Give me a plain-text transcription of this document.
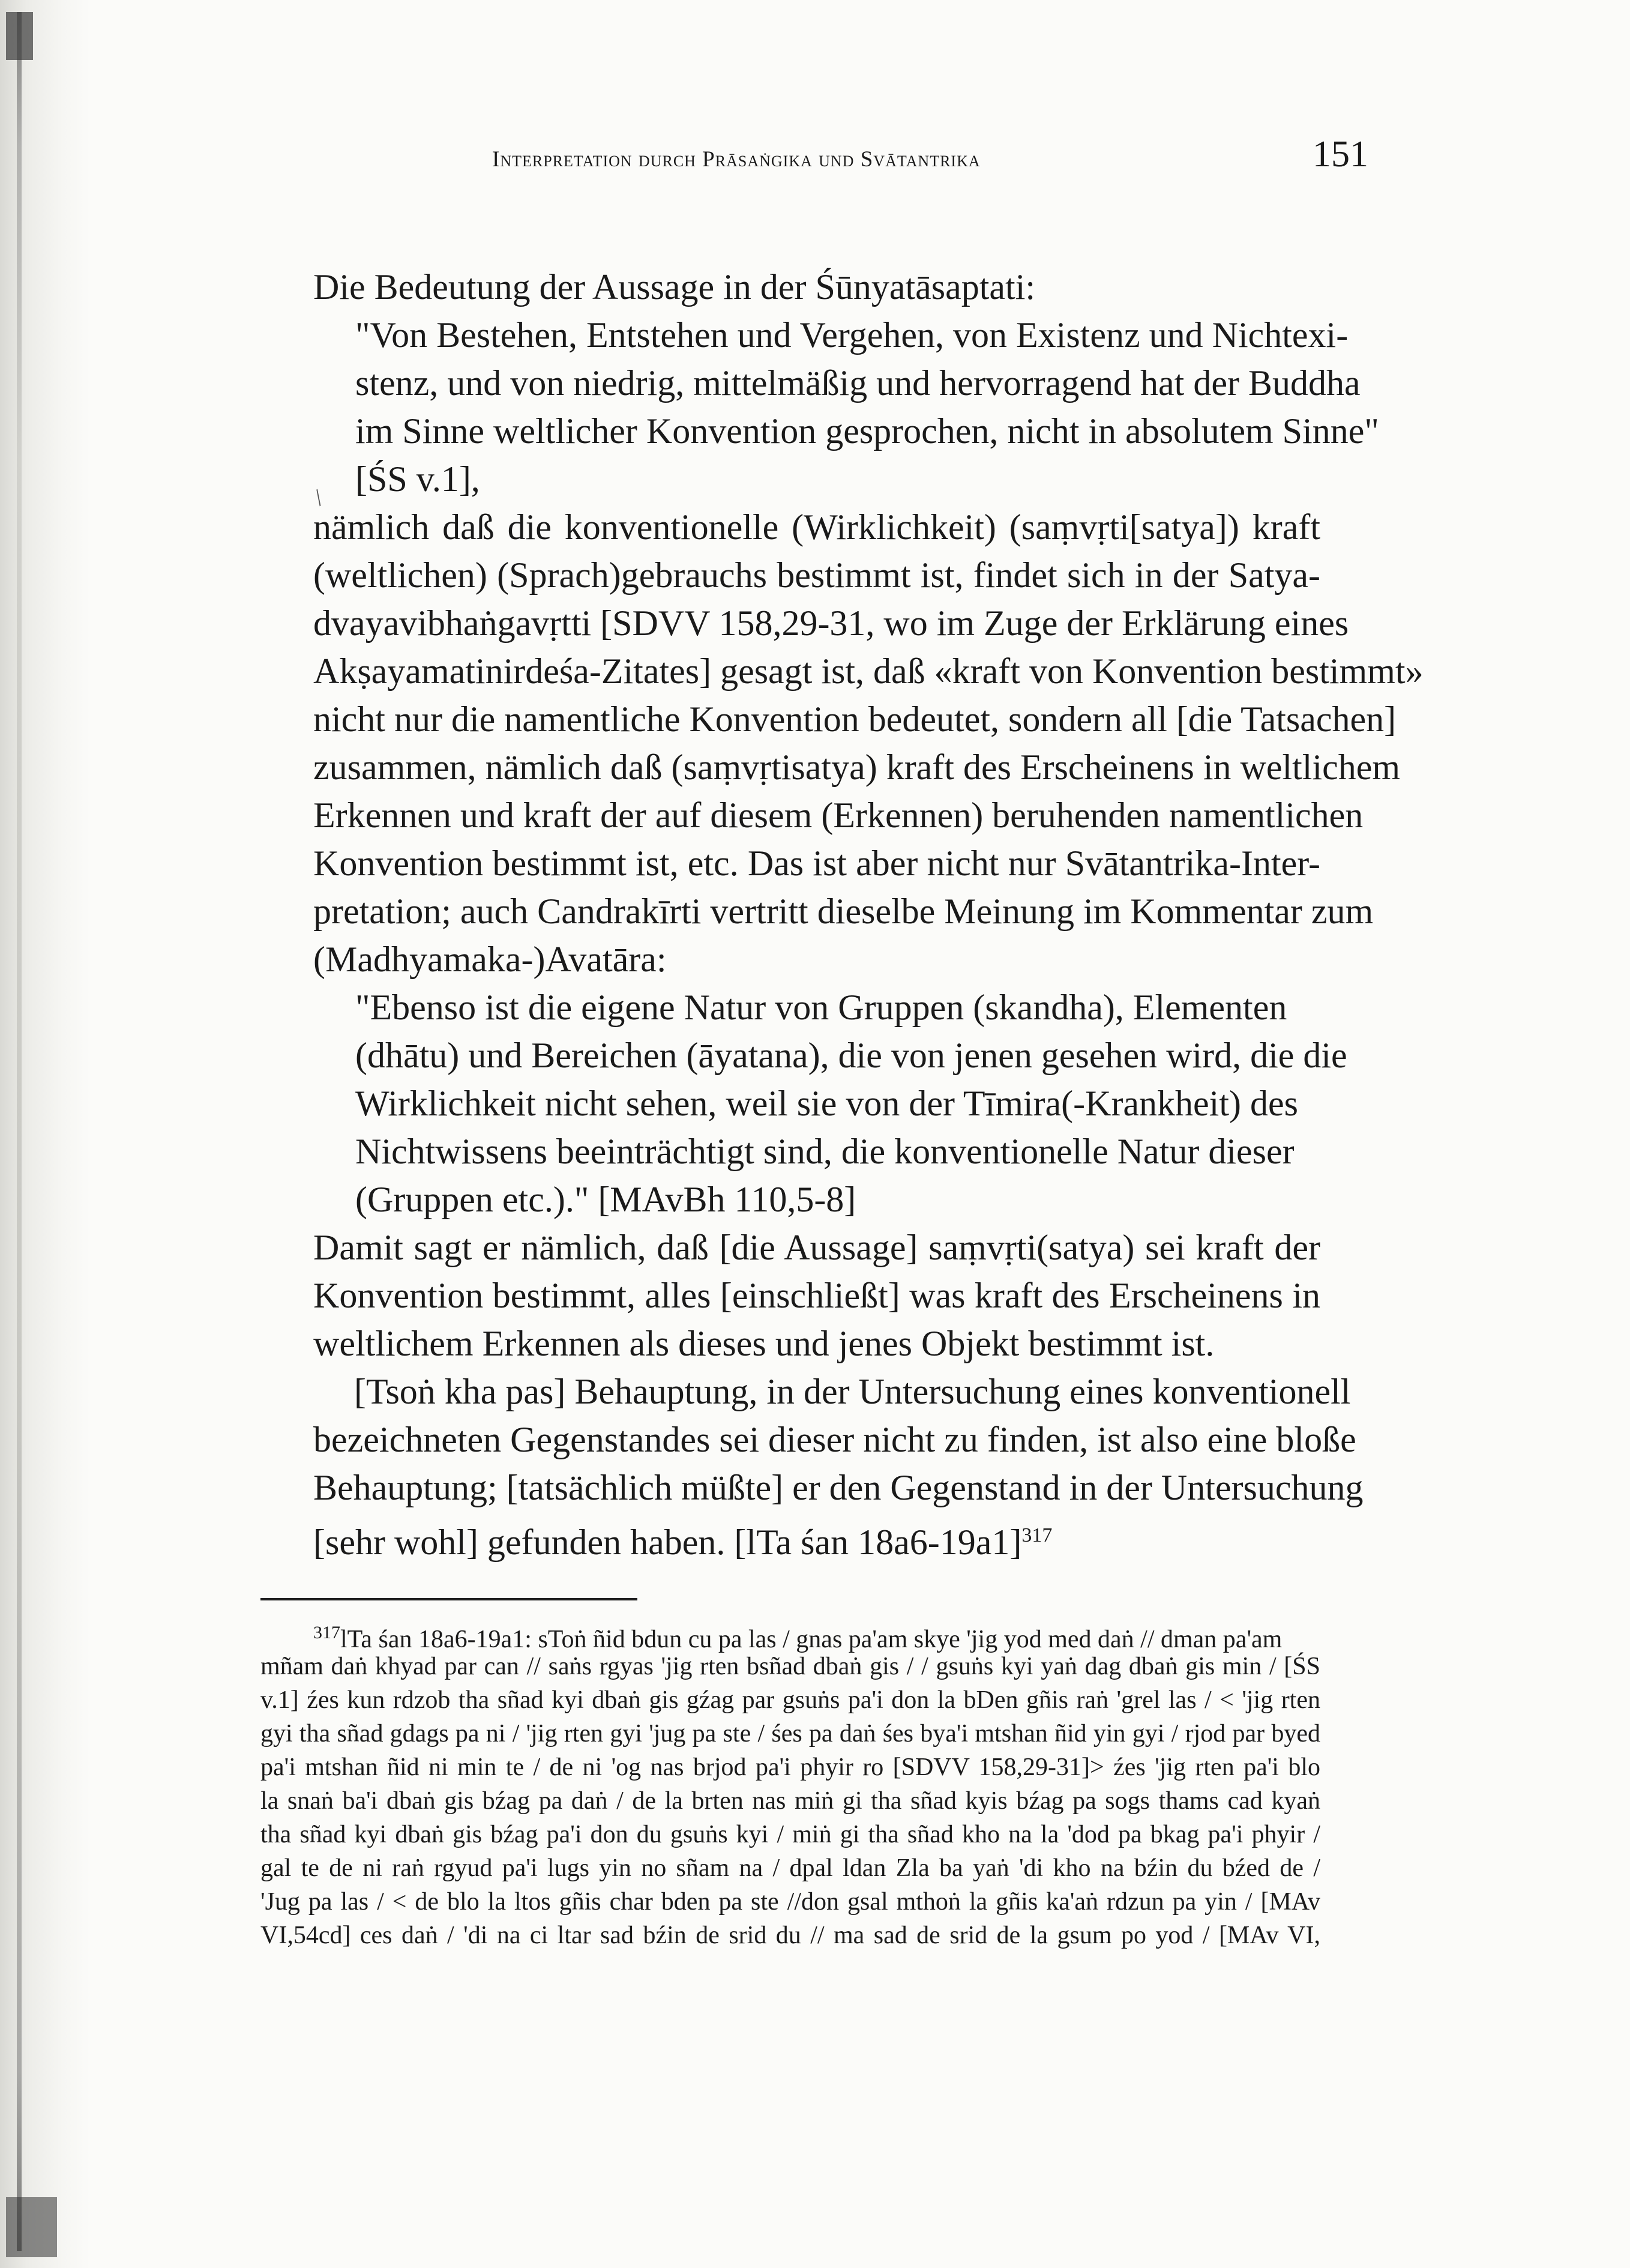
/
Interpretation durch Prāsaṅgika und Svātantrika	151
Die Bedeutung der Aussage in der Śūnyatāsaptati:
"Von Bestehen, Entstehen und Vergehen, von Existenz und Nichtexi-
stenz, und von niedrig, mittelmäßig und hervorragend hat der Buddha
im Sinne weltlicher Konvention gesprochen, nicht in absolutem Sinne"
[ŚS v.1],
nämlich daß die konventionelle (Wirklichkeit) (saṃvṛti[satya]) kraft
(weltlichen) (Sprach)gebrauchs bestimmt ist, findet sich in der Satya-
dvayavibhaṅgavṛtti [SDVV 158,29-31, wo im Zuge der Erklärung eines
Akṣayamatinirdeśa-Zitates] gesagt ist, daß «kraft von Konvention bestimmt»
nicht nur die namentliche Konvention bedeutet, sondern all [die Tatsachen]
zusammen, nämlich daß (saṃvṛtisatya) kraft des Erscheinens in weltlichem
Erkennen und kraft der auf diesem (Erkennen) beruhenden namentlichen
Konvention bestimmt ist, etc. Das ist aber nicht nur Svātantrika-Inter-
pretation; auch Candrakīrti vertritt dieselbe Meinung im Kommentar zum
(Madhyamaka-)Avatāra:
"Ebenso ist die eigene Natur von Gruppen (skandha), Elementen
(dhātu) und Bereichen (āyatana), die von jenen gesehen wird, die die
Wirklichkeit nicht sehen, weil sie von der Tīmira(-Krankheit) des
Nichtwissens beeinträchtigt sind, die konventionelle Natur dieser
(Gruppen etc.)." [MAvBh 110,5-8]
Damit sagt er nämlich, daß [die Aussage] saṃvṛti(satya) sei kraft der
Konvention bestimmt, alles [einschließt] was kraft des Erscheinens in
weltlichem Erkennen als dieses und jenes Objekt bestimmt ist.
[Tsoṅ kha pas] Behauptung, in der Untersuchung eines konventionell
bezeichneten Gegenstandes sei dieser nicht zu finden, ist also eine bloße
Behauptung; [tatsächlich müßte] er den Gegenstand in der Untersuchung
[sehr wohl] gefunden haben. [lTa śan 18a6-19a1]$^{317}$
$^{317}$lTa śan 18a6-19a1: sToṅ ñid bdun cu pa las / gnas pa'am skye 'jig yod med daṅ // dman pa'am
mñam daṅ khyad par can // saṅs rgyas 'jig rten bsñad dbaṅ gis / / gsuṅs kyi yaṅ dag dbaṅ gis min / [ŚS
v.1] źes kun rdzob tha sñad kyi dbaṅ gis gźag par gsuṅs pa'i don la bDen gñis raṅ 'grel las / < 'jig rten
gyi tha sñad gdags pa ni / 'jig rten gyi 'jug pa ste / śes pa daṅ śes bya'i mtshan ñid yin gyi / rjod par byed
pa'i mtshan ñid ni min te / de ni 'og nas brjod pa'i phyir ro [SDVV 158,29-31]> źes 'jig rten pa'i blo
la snaṅ ba'i dbaṅ gis bźag pa daṅ / de la brten nas miṅ gi tha sñad kyis bźag pa sogs thams cad kyaṅ
tha sñad kyi dbaṅ gis bźag pa'i don du gsuṅs kyi / miṅ gi tha sñad kho na la 'dod pa bkag pa'i phyir /
gal te de ni raṅ rgyud pa'i lugs yin no sñam na / dpal ldan Zla ba yaṅ 'di kho na bźin du bźed de /
'Jug pa las / < de blo la ltos gñis char bden pa ste //don gsal mthoṅ la gñis ka'aṅ rdzun pa yin / [MAv
VI,54cd] ces daṅ / 'di na ci ltar sad bźin de srid du // ma sad de srid de la gsum po yod / [MAv VI,
